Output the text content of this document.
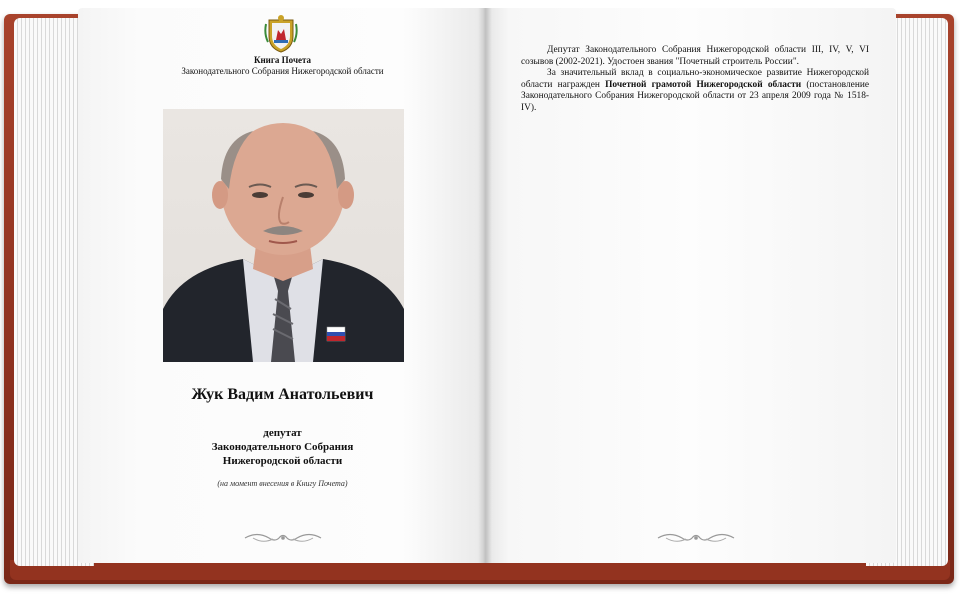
Книга Почета
Законодательного Собрания Нижегородской области
Жук Вадим Анатольевич
депутат
Законодательного Собрания
Нижегородской области
(на момент внесения в Книгу Почета)

Депутат Законодательного Собрания Нижегородской области III, IV, V, VI созывов (2002-2021). Удостоен звания "Почетный строитель России".

За значительный вклад в социально-экономическое развитие Нижегородской области награжден Почетной грамотой Нижегородской области (постановление Законодательного Собрания Нижегородской области от 23 апреля 2009 года № 1518-IV).
